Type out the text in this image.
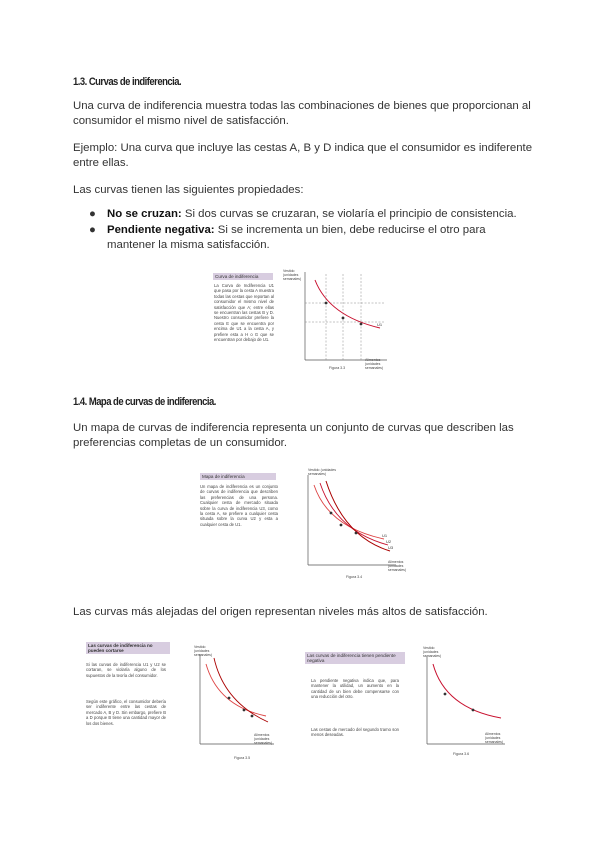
1.3. Curvas de indiferencia.
Una curva de indiferencia muestra todas las combinaciones de bienes que proporcionan al consumidor el mismo nivel de satisfacción.
Ejemplo: Una curva que incluye las cestas A, B y D indica que el consumidor es indiferente entre ellas.
Las curvas tienen las siguientes propiedades:
● No se cruzan: Si dos curvas se cruzaran, se violaría el principio de consistencia.
● Pendiente negativa: Si se incrementa un bien, debe reducirse el otro para mantener la misma satisfacción.
Curva de indiferencia
La Curva de Indiferencia U1 que pasa por la cesta A muestra todas las cestas que reportan al consumidor el mismo nivel de satisfacción que A; entre ellas se encuentran las cestas B y D. Nuestro consumidor prefiere la cesta E que se encuentra por encima de U1 a la cesta A, y prefiere esta a H o G que se encuentran por debajo de U1.
Vestido (unidades semanales)
Alimentos (unidades semanales)
Figura 3.3
U1
1.4. Mapa de curvas de indiferencia.
Un mapa de curvas de indiferencia representa un conjunto de curvas que describen las preferencias completas de un consumidor.
Mapa de indiferencia
Un mapa de indiferencia es un conjunto de curvas de indiferencia que describen las preferencias de una persona. Cualquier cesta de mercado situada sobre la curva de indiferencia U3, como la cesta A, se prefiere a cualquier cesta situada sobre la curva U2 y esta a cualquier cesta de U1.
Vestido (unidades semanales)
Alimentos (unidades semanales)
Figura 3.4
U1
U2
U3
Las curvas más alejadas del origen representan niveles más altos de satisfacción.
Las curvas de indiferencia no pueden cortarse
Si las curvas de indiferencia U1 y U2 se cortaran, se violaría alguno de los supuestos de la teoría del consumidor.
Según este gráfico, el consumidor debería ser indiferente entre las cestas de mercado A, B y D. Sin embargo, prefiere B a D porque B tiene una cantidad mayor de los dos bienes.
Vestido (unidades semanales)
Alimentos (unidades semanales)
Figura 3.5
Las curvas de indiferencia tienen pendiente negativa
La pendiente negativa indica que, para mantener la utilidad, un aumento en la cantidad de un bien debe compensarse con una reducción del otro.
Las cestas de mercado del segundo tramo son menos deseadas.
Vestido (unidades semanales)
Alimentos (unidades semanales)
Figura 3.6
